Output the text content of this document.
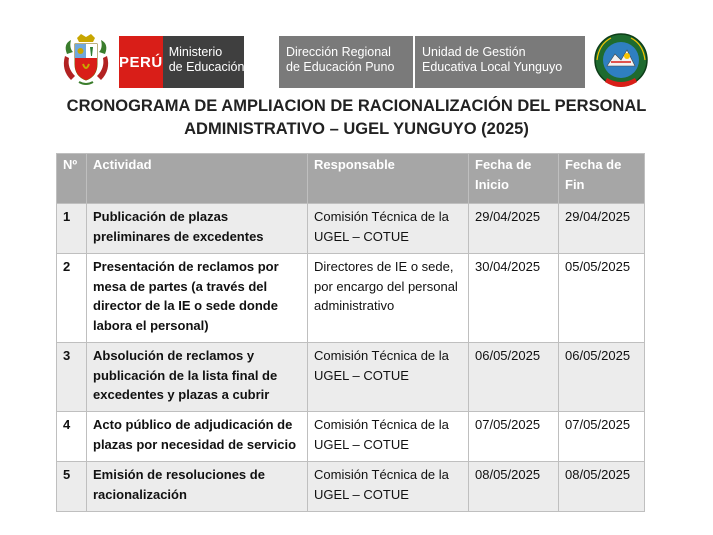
PERÚ
Ministerio
de Educación
Dirección Regional
de Educación Puno
Unidad de Gestión
Educativa Local Yunguyo
CRONOGRAMA DE AMPLIACION DE RACIONALIZACIÓN DEL PERSONAL
ADMINISTRATIVO – UGEL YUNGUYO (2025)
Nº	Actividad	Responsable	Fecha de Inicio	Fecha de Fin
1	Publicación de plazas preliminares de excedentes	Comisión Técnica de la UGEL – COTUE	29/04/2025	29/04/2025
2	Presentación de reclamos por mesa de partes (a través del director de la IE o sede donde labora el personal)	Directores de IE o sede, por encargo del personal administrativo	30/04/2025	05/05/2025
3	Absolución de reclamos y publicación de la lista final de excedentes y plazas a cubrir	Comisión Técnica de la UGEL – COTUE	06/05/2025	06/05/2025
4	Acto público de adjudicación de plazas por necesidad de servicio	Comisión Técnica de la UGEL – COTUE	07/05/2025	07/05/2025
5	Emisión de resoluciones de racionalización	Comisión Técnica de la UGEL – COTUE	08/05/2025	08/05/2025
